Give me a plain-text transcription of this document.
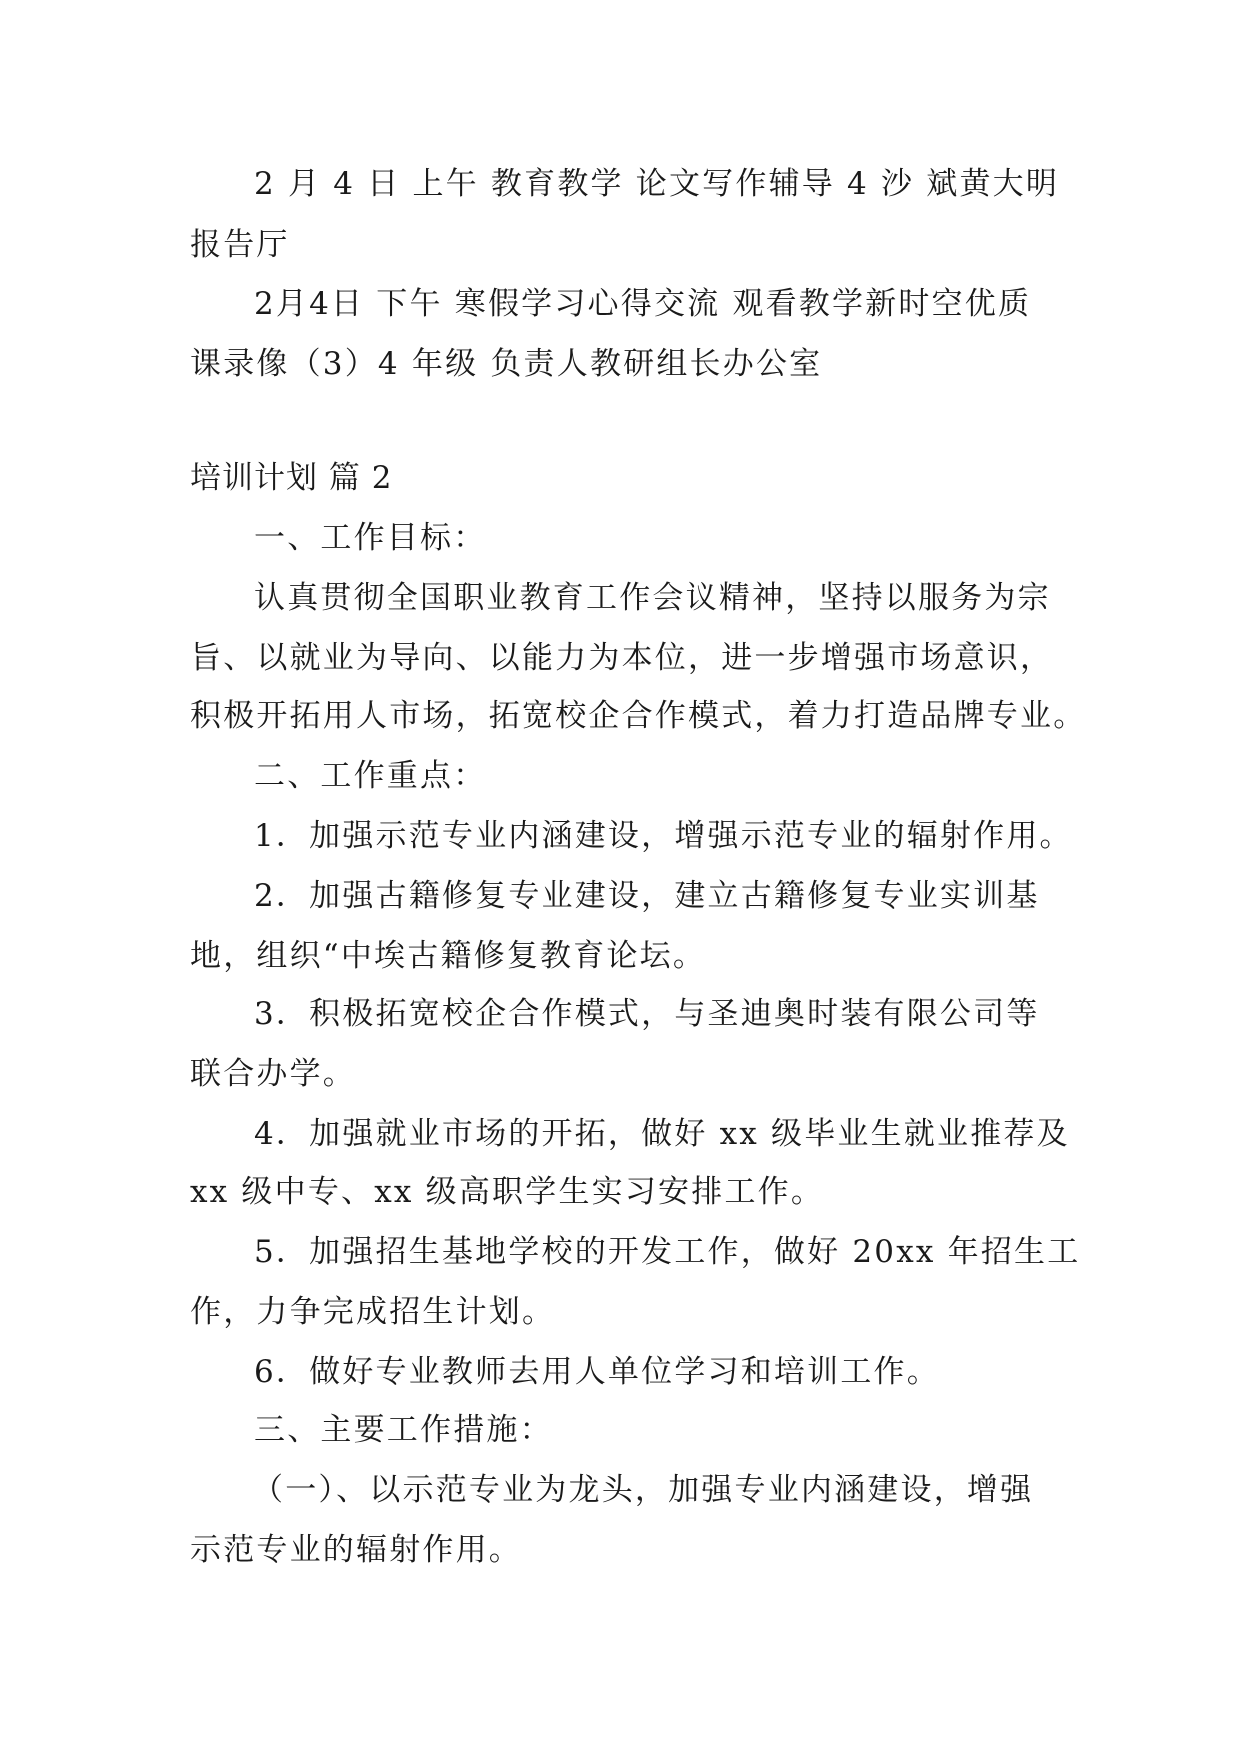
2 月 4 日 上午 教育教学 论文写作辅导 4 沙 斌黄大明
报告厅
2月4日 下午 寒假学习心得交流 观看教学新时空优质
课录像（3）4 年级 负责人教研组长办公室
培训计划 篇 2
一、工作目标：
认真贯彻全国职业教育工作会议精神，坚持以服务为宗
旨、以就业为导向、以能力为本位，进一步增强市场意识，
积极开拓用人市场，拓宽校企合作模式，着力打造品牌专业。
二、工作重点：
1．加强示范专业内涵建设，增强示范专业的辐射作用。
2．加强古籍修复专业建设，建立古籍修复专业实训基
地，组织“中埃古籍修复教育论坛。
3．积极拓宽校企合作模式，与圣迪奥时装有限公司等
联合办学。
4．加强就业市场的开拓，做好 xx 级毕业生就业推荐及
xx 级中专、xx 级高职学生实习安排工作。
5．加强招生基地学校的开发工作，做好 20xx 年招生工
作，力争完成招生计划。
6．做好专业教师去用人单位学习和培训工作。
三、主要工作措施：
（一）、以示范专业为龙头，加强专业内涵建设，增强
示范专业的辐射作用。
